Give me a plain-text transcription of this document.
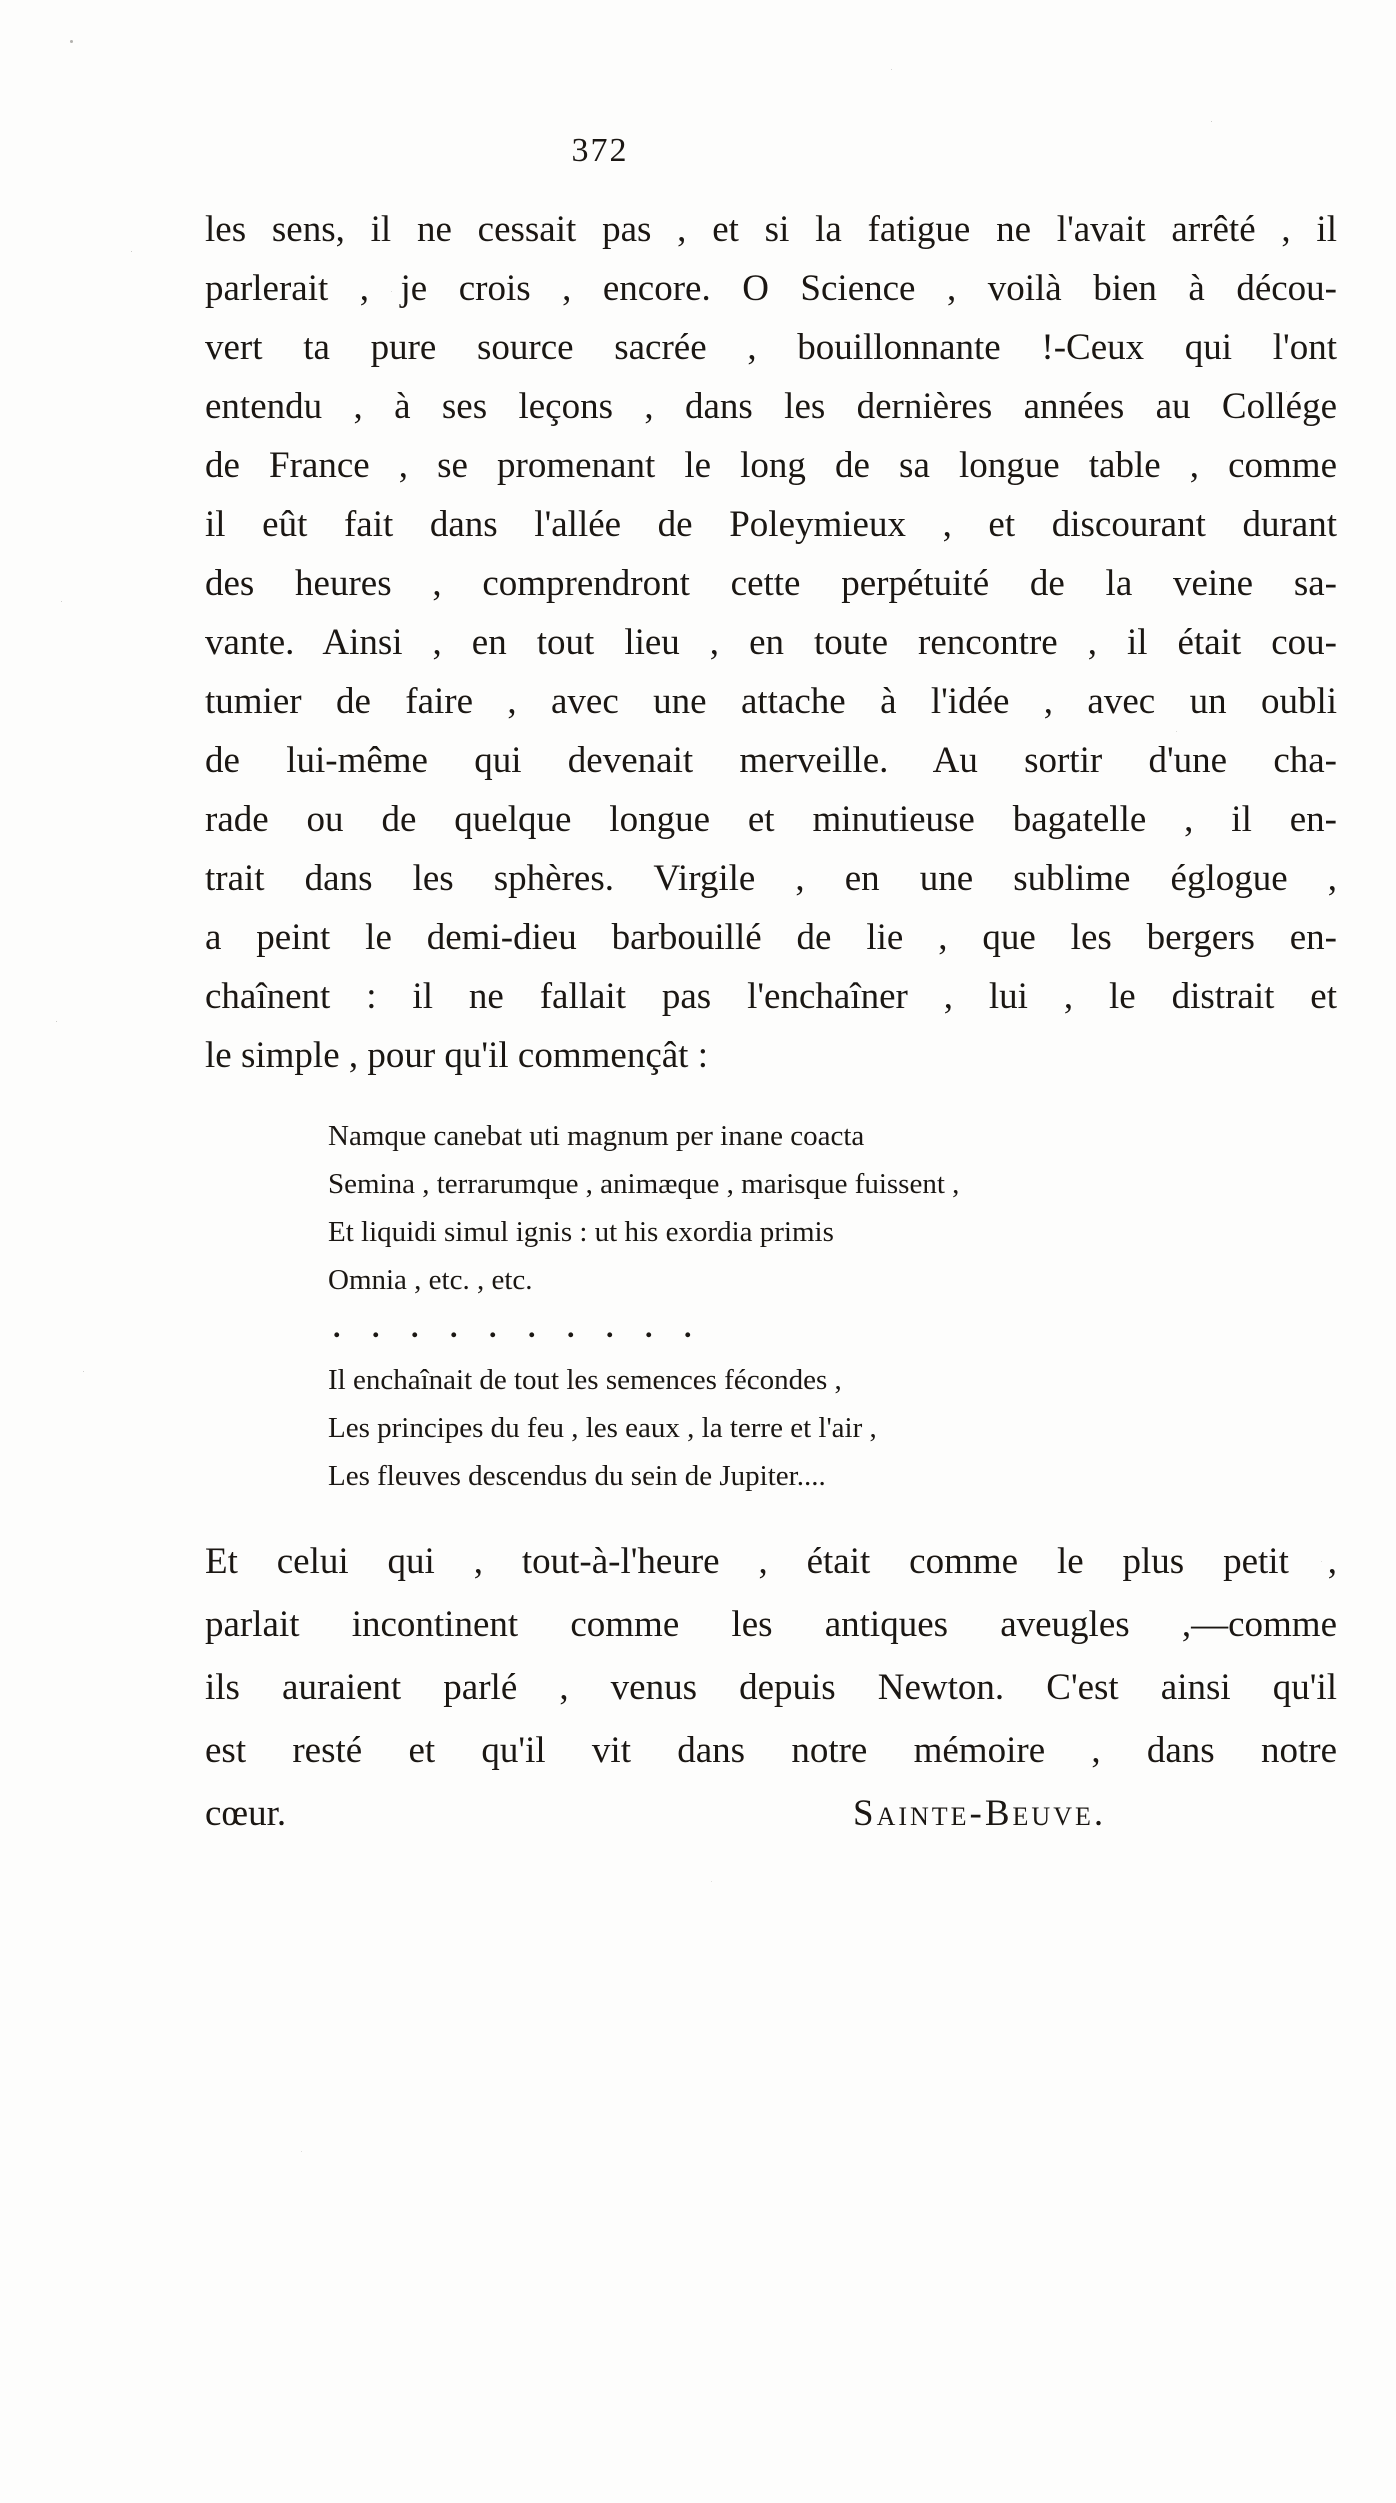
372
les sens, il ne cessait pas , et si la fatigue ne l'avait arrêté , il
parlerait , je crois , encore. O Science , voilà bien à décou-
vert ta pure source sacrée , bouillonnante !-Ceux qui l'ont
entendu , à ses leçons , dans les dernières années au Collége
de France , se promenant le long de sa longue table , comme
il eût fait dans l'allée de Poleymieux , et discourant durant
des heures , comprendront cette perpétuité de la veine sa-
vante. Ainsi , en tout lieu , en toute rencontre , il était cou-
tumier de faire , avec une attache à l'idée , avec un oubli
de lui-même qui devenait merveille. Au sortir d'une cha-
rade ou de quelque longue et minutieuse bagatelle , il en-
trait dans les sphères. Virgile , en une sublime églogue ,
a peint le demi-dieu barbouillé de lie , que les bergers en-
chaînent : il ne fallait pas l'enchaîner , lui , le distrait et
le simple , pour qu'il commençât :
Namque canebat uti magnum per inane coacta
Semina , terrarumque , animæque , marisque fuissent ,
Et liquidi simul ignis : ut his exordia primis
Omnia , etc. , etc.
. . . . . . . . . .
Il enchaînait de tout les semences fécondes ,
Les principes du feu , les eaux , la terre et l'air ,
Les fleuves descendus du sein de Jupiter....
Et celui qui , tout-à-l'heure , était comme le plus petit ,
parlait incontinent comme les antiques aveugles ,—comme
ils auraient parlé , venus depuis Newton. C'est ainsi qu'il
est resté et qu'il vit dans notre mémoire , dans notre
cœur.	Sainte-Beuve.
